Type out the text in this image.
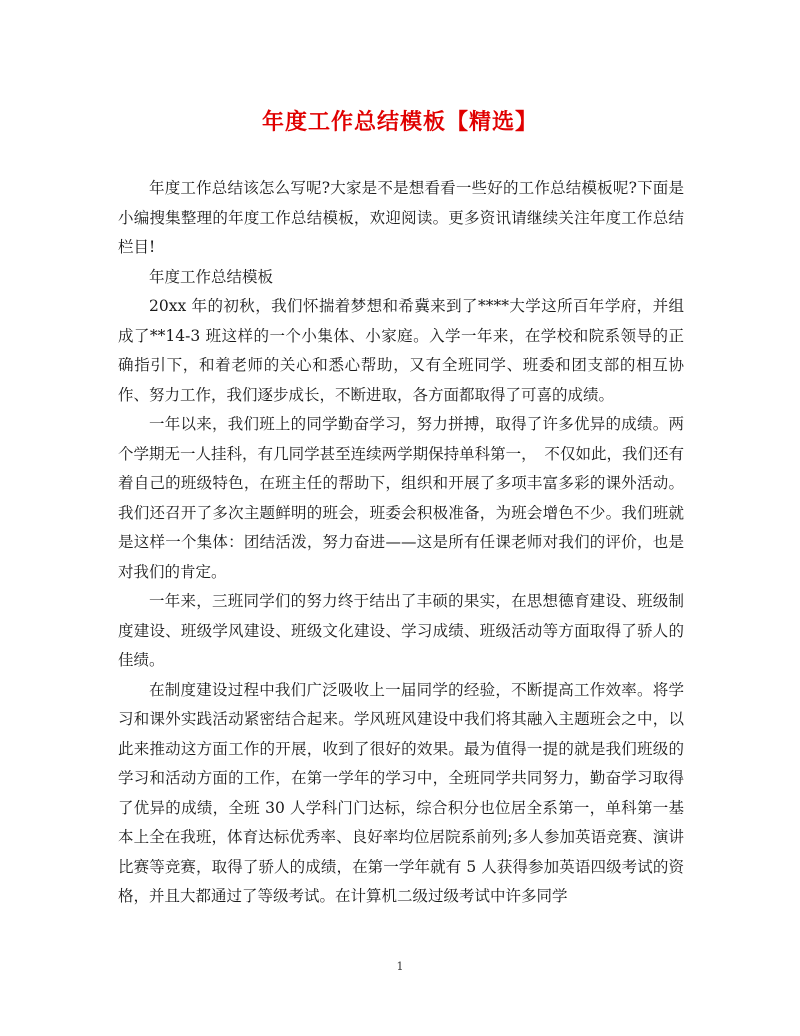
年度工作总结模板【精选】

年度工作总结该怎么写呢?大家是不是想看看一些好的工作总结模板呢?下面是小编搜集整理的年度工作总结模板，欢迎阅读。更多资讯请继续关注年度工作总结栏目!

年度工作总结模板

20xx 年的初秋，我们怀揣着梦想和希冀来到了****大学这所百年学府，并组成了**14-3 班这样的一个小集体、小家庭。入学一年来，在学校和院系领导的正确指引下，和着老师的关心和悉心帮助，又有全班同学、班委和团支部的相互协作、努力工作，我们逐步成长，不断进取，各方面都取得了可喜的成绩。

一年以来，我们班上的同学勤奋学习，努力拼搏，取得了许多优异的成绩。两个学期无一人挂科，有几同学甚至连续两学期保持单科第一，　不仅如此，我们还有着自己的班级特色，在班主任的帮助下，组织和开展了多项丰富多彩的课外活动。我们还召开了多次主题鲜明的班会，班委会积极准备，为班会增色不少。我们班就是这样一个集体：团结活泼，努力奋进——这是所有任课老师对我们的评价，也是对我们的肯定。

一年来，三班同学们的努力终于结出了丰硕的果实，在思想德育建设、班级制度建设、班级学风建设、班级文化建设、学习成绩、班级活动等方面取得了骄人的佳绩。

在制度建设过程中我们广泛吸收上一届同学的经验，不断提高工作效率。将学习和课外实践活动紧密结合起来。学风班风建设中我们将其融入主题班会之中，以此来推动这方面工作的开展，收到了很好的效果。最为值得一提的就是我们班级的学习和活动方面的工作，在第一学年的学习中，全班同学共同努力，勤奋学习取得了优异的成绩，全班 30 人学科门门达标，综合积分也位居全系第一，单科第一基本上全在我班，体育达标优秀率、良好率均位居院系前列;多人参加英语竞赛、演讲比赛等竞赛，取得了骄人的成绩，在第一学年就有 5 人获得参加英语四级考试的资格，并且大都通过了等级考试。在计算机二级过级考试中许多同学

1
